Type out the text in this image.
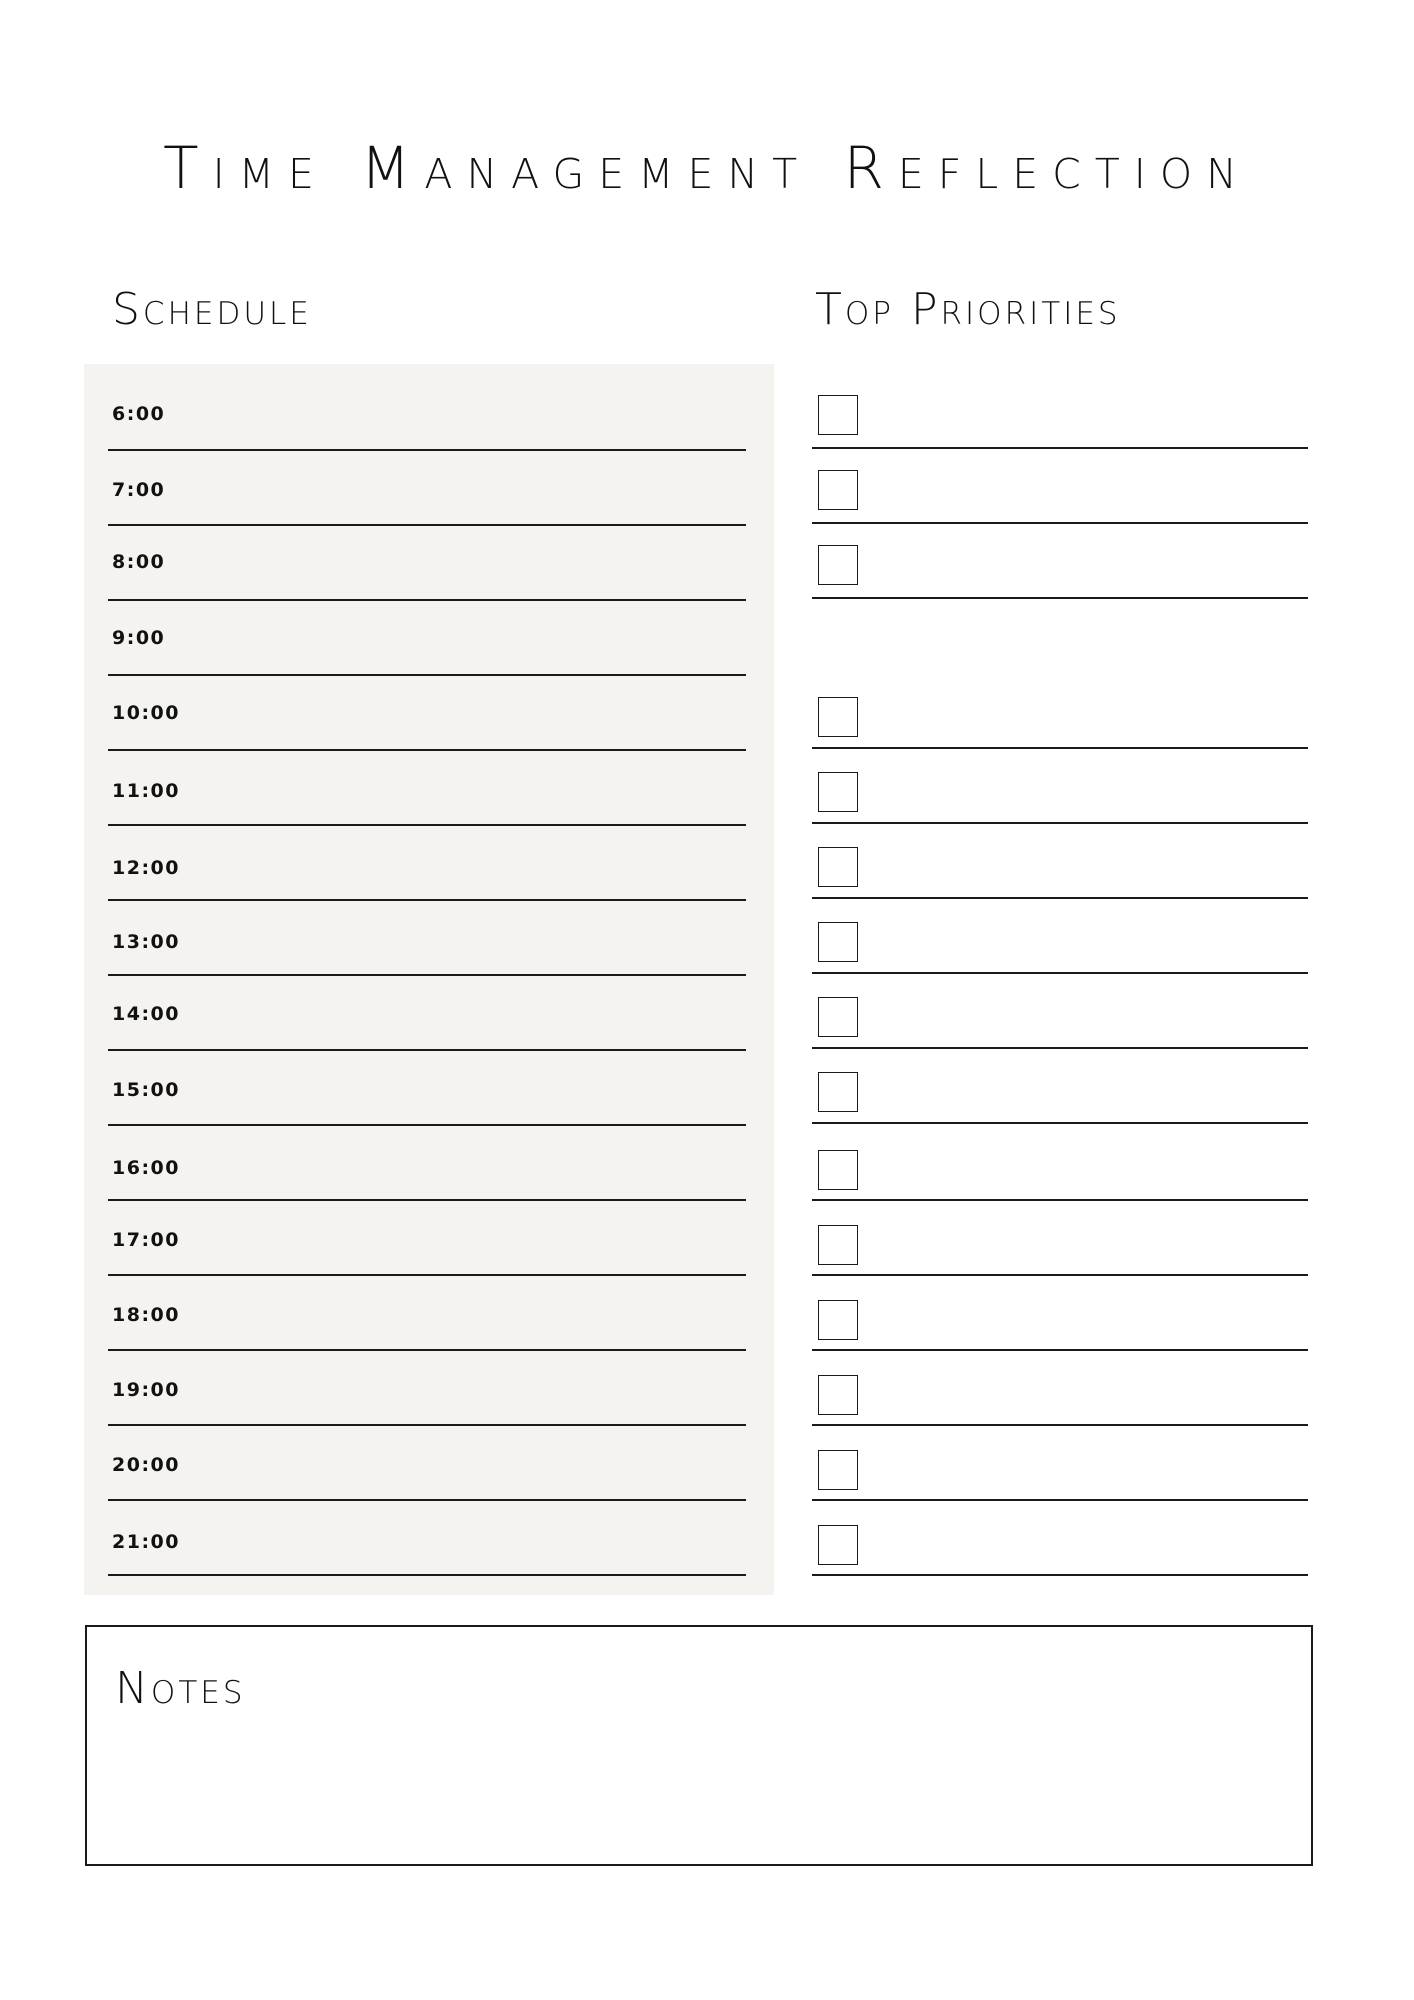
Time Management Reflection
Schedule	Top Priorities
6:00
7:00
8:00
9:00
10:00
11:00
12:00
13:00
14:00
15:00
16:00
17:00
18:00
19:00
20:00
21:00
Notes
